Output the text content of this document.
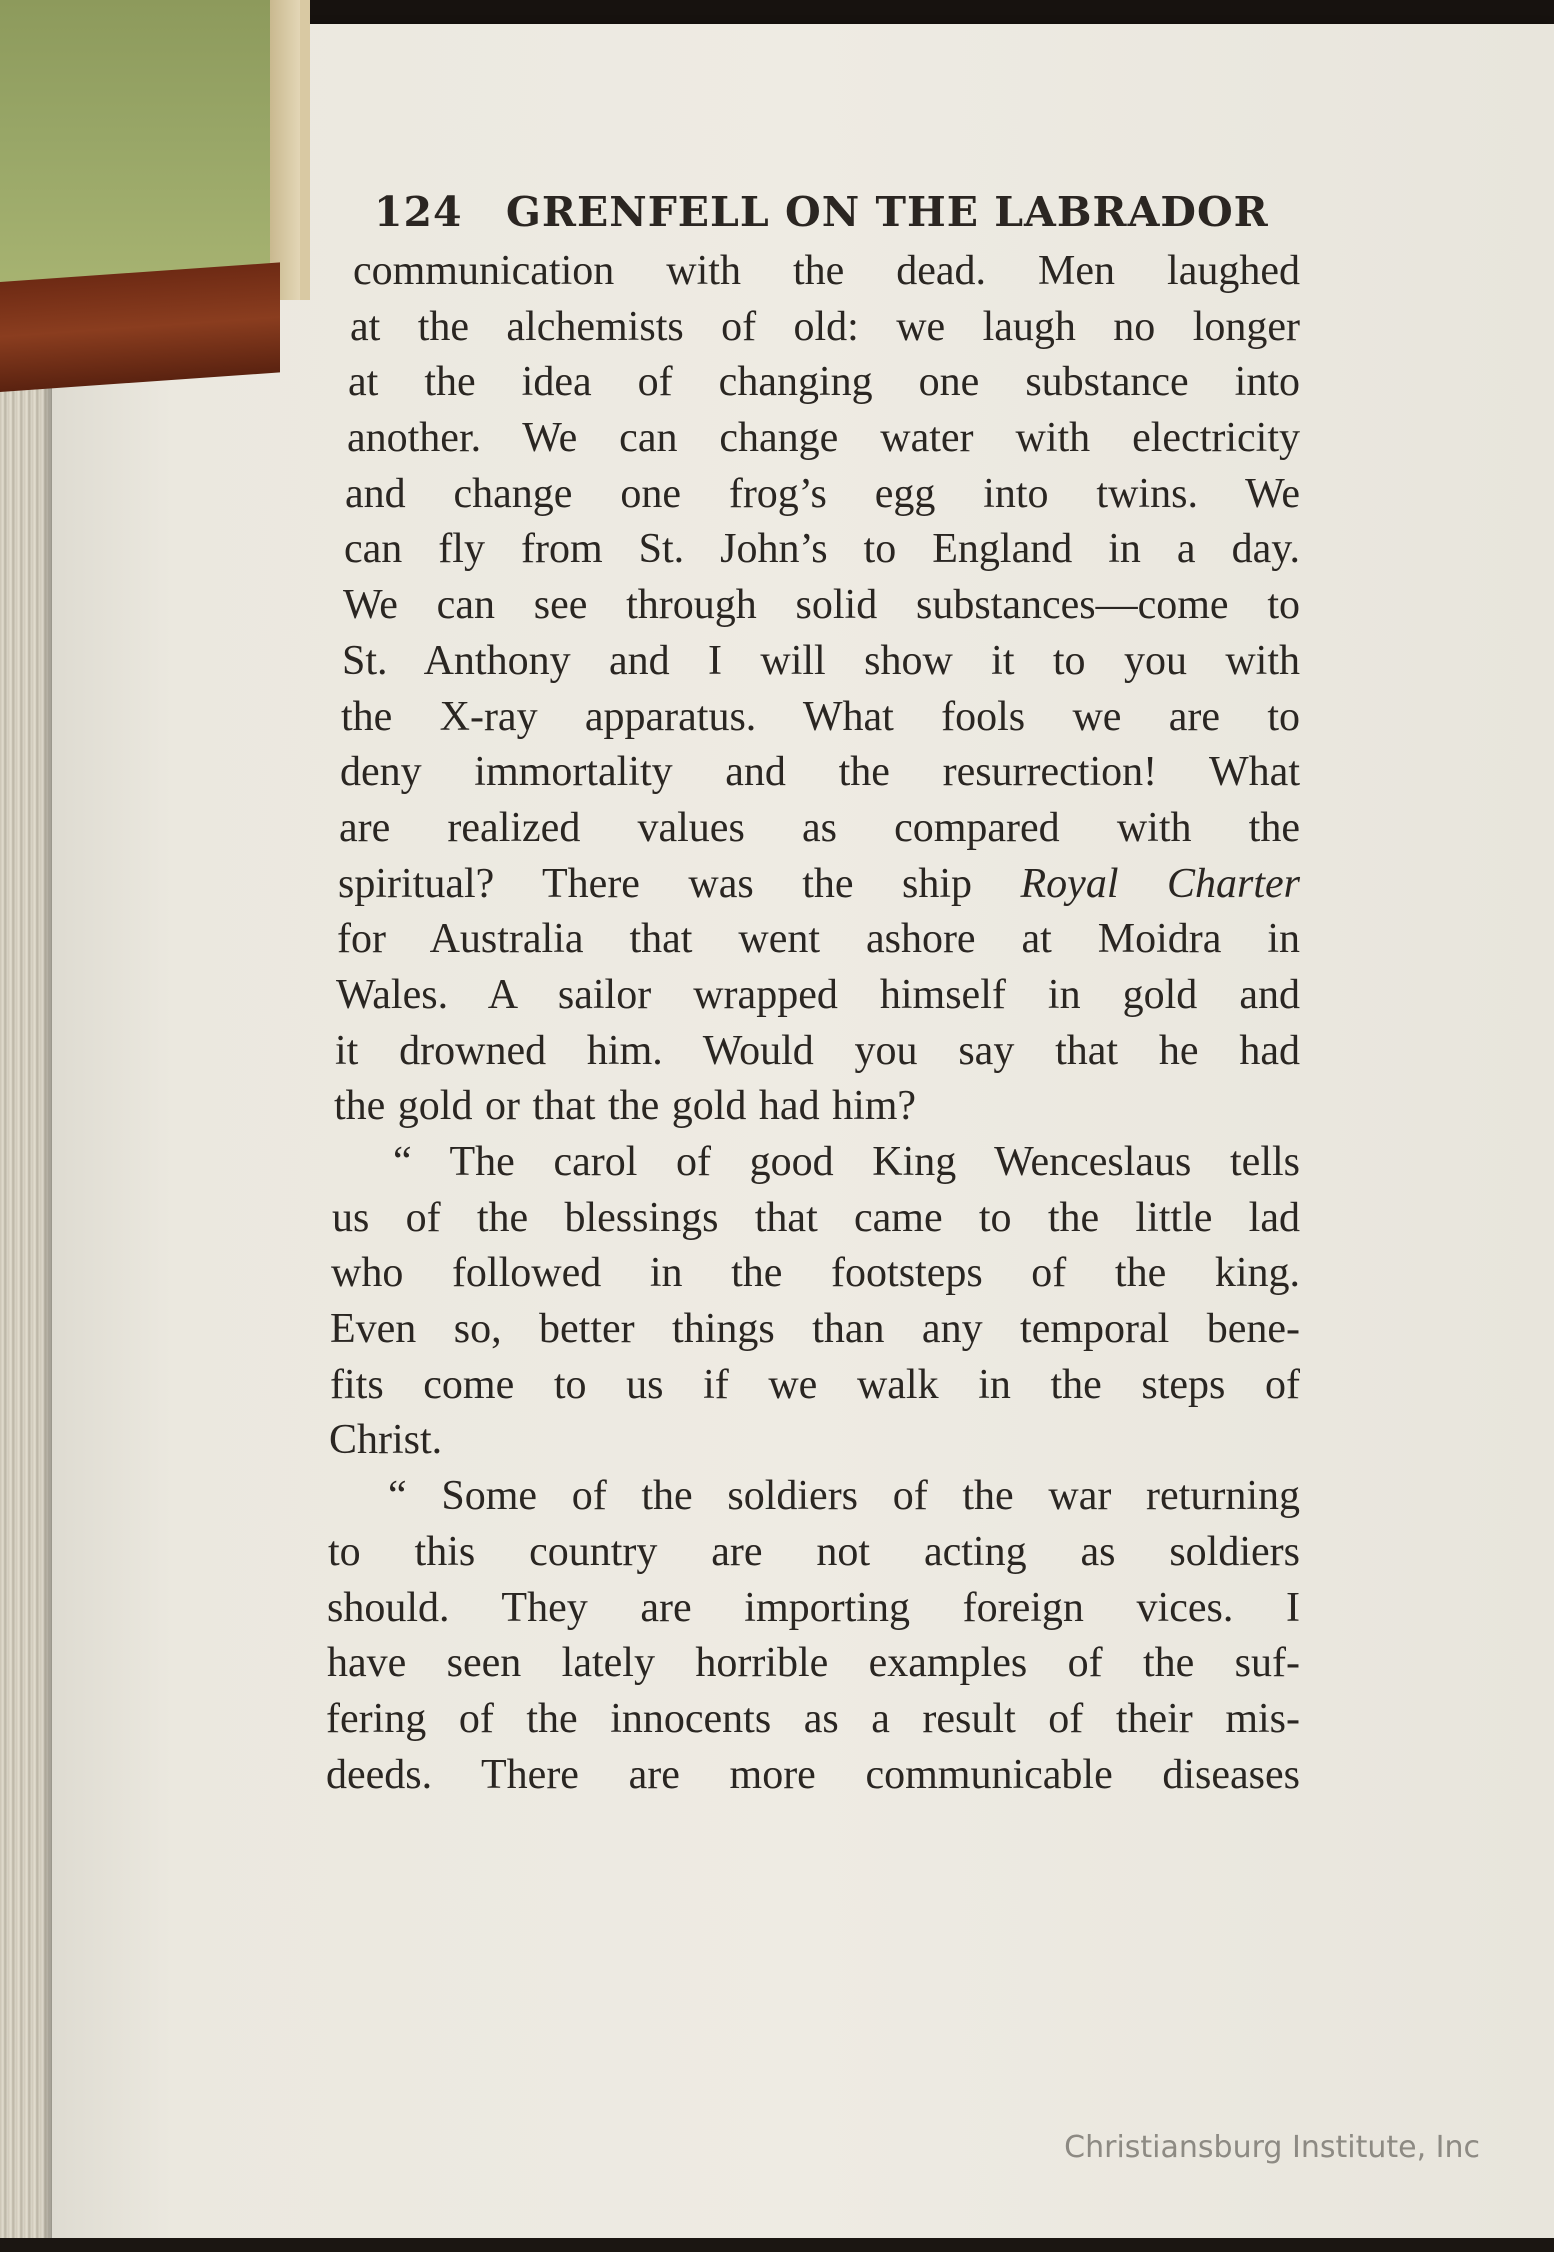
124 GRENFELL ON THE LABRADOR
communication with the dead. Men laughed
at the alchemists of old: we laugh no longer
at the idea of changing one substance into
another. We can change water with electricity
and change one frog’s egg into twins. We
can fly from St. John’s to England in a day.
We can see through solid substances—come to
St. Anthony and I will show it to you with
the X-ray apparatus. What fools we are to
deny immortality and the resurrection! What
are realized values as compared with the
spiritual? There was the ship Royal Charter
for Australia that went ashore at Moidra in
Wales. A sailor wrapped himself in gold and
it drowned him. Would you say that he had
the gold or that the gold had him?
“ The carol of good King Wenceslaus tells
us of the blessings that came to the little lad
who followed in the footsteps of the king.
Even so, better things than any temporal bene-
fits come to us if we walk in the steps of
Christ.
“ Some of the soldiers of the war returning
to this country are not acting as soldiers
should. They are importing foreign vices. I
have seen lately horrible examples of the suf-
fering of the innocents as a result of their mis-
deeds. There are more communicable diseases
Christiansburg Institute, Inc
